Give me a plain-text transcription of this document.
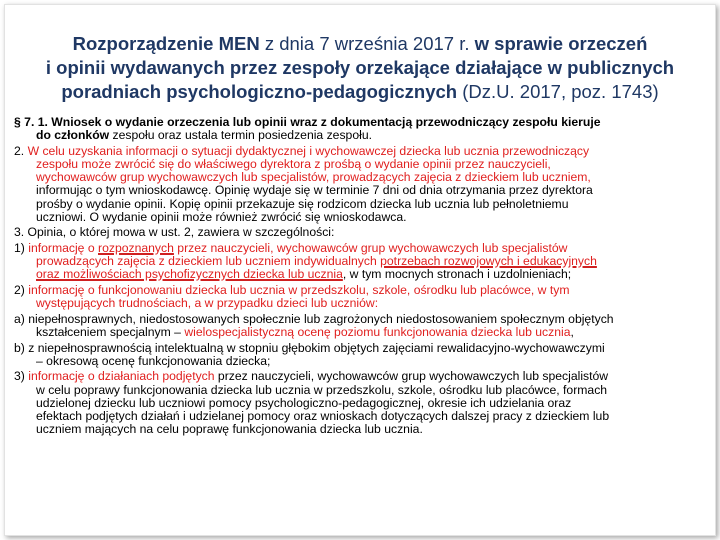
Rozporządzenie MEN z dnia 7 września 2017 r. w sprawie orzeczeń
i opinii wydawanych przez zespoły orzekające działające w publicznych
poradniach psychologiczno-pedagogicznych (Dz.U. 2017, poz. 1743)
§ 7. 1. Wniosek o wydanie orzeczenia lub opinii wraz z dokumentacją przewodniczący zespołu kieruje

do członków zespołu oraz ustala termin posiedzenia zespołu.
2. W celu uzyskania informacji o sytuacji dydaktycznej i wychowawczej dziecka lub ucznia przewodniczący
zespołu może zwrócić się do właściwego dyrektora z prośbą o wydanie opinii przez nauczycieli,
wychowawców grup wychowawczych lub specjalistów, prowadzących zajęcia z dzieckiem lub uczniem,
informując o tym wnioskodawcę. Opinię wydaje się w terminie 7 dni od dnia otrzymania przez dyrektora
prośby o wydanie opinii. Kopię opinii przekazuje się rodzicom dziecka lub ucznia lub pełnoletniemu
uczniowi. O wydanie opinii może również zwrócić się wnioskodawca.
3. Opinia, o której mowa w ust. 2, zawiera w szczególności:
1) informację o rozpoznanych przez nauczycieli, wychowawców grup wychowawczych lub specjalistów
prowadzących zajęcia z dzieckiem lub uczniem indywidualnych potrzebach rozwojowych i edukacyjnych
oraz możliwościach psychofizycznych dziecka lub ucznia, w tym mocnych stronach i uzdolnieniach;
2) informację o funkcjonowaniu dziecka lub ucznia w przedszkolu, szkole, ośrodku lub placówce, w tym
występujących trudnościach, a w przypadku dzieci lub uczniów:
a) niepełnosprawnych, niedostosowanych społecznie lub zagrożonych niedostosowaniem społecznym objętych
kształceniem specjalnym – wielospecjalistyczną ocenę poziomu funkcjonowania dziecka lub ucznia,
b) z niepełnosprawnością intelektualną w stopniu głębokim objętych zajęciami rewalidacyjno-wychowawczymi
– okresową ocenę funkcjonowania dziecka;
3) informację o działaniach podjętych przez nauczycieli, wychowawców grup wychowawczych lub specjalistów
w celu poprawy funkcjonowania dziecka lub ucznia w przedszkolu, szkole, ośrodku lub placówce, formach
udzielonej dziecku lub uczniowi pomocy psychologiczno-pedagogicznej, okresie ich udzielania oraz
efektach podjętych działań i udzielanej pomocy oraz wnioskach dotyczących dalszej pracy z dzieckiem lub
uczniem mających na celu poprawę funkcjonowania dziecka lub ucznia.
